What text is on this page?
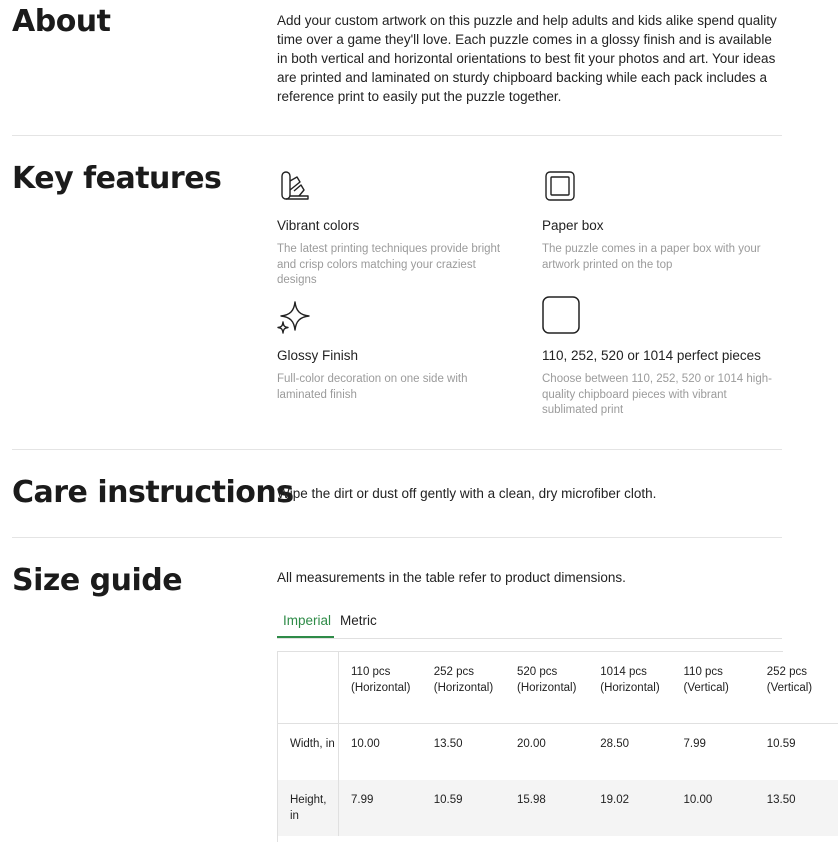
About	Add your custom artwork on this puzzle and help adults and kids alike spend quality time over a game they'll love. Each puzzle comes in a glossy finish and is available in both vertical and horizontal orientations to best fit your photos and art. Your ideas are printed and laminated on sturdy chipboard backing while each pack includes a reference print to easily put the puzzle together.
Key features
Vibrant colors
The latest printing techniques provide bright and crisp colors matching your craziest designs
Paper box
The puzzle comes in a paper box with your artwork printed on the top
Glossy Finish
Full-color decoration on one side with laminated finish
110, 252, 520 or 1014 perfect pieces
Choose between 110, 252, 520 or 1014 high-quality chipboard pieces with vibrant sublimated print
Care instructions
Wipe the dirt or dust off gently with a clean, dry microfiber cloth.
Size guide	All measurements in the table refer to product dimensions.
Imperial Metric
	110 pcs (Horizontal)	252 pcs (Horizontal)	520 pcs (Horizontal)	1014 pcs (Horizontal)	110 pcs (Vertical)	252 pcs (Vertical)
Width, in	10.00	13.50	20.00	28.50	7.99	10.59
Height, in	7.99	10.59	15.98	19.02	10.00	13.50
